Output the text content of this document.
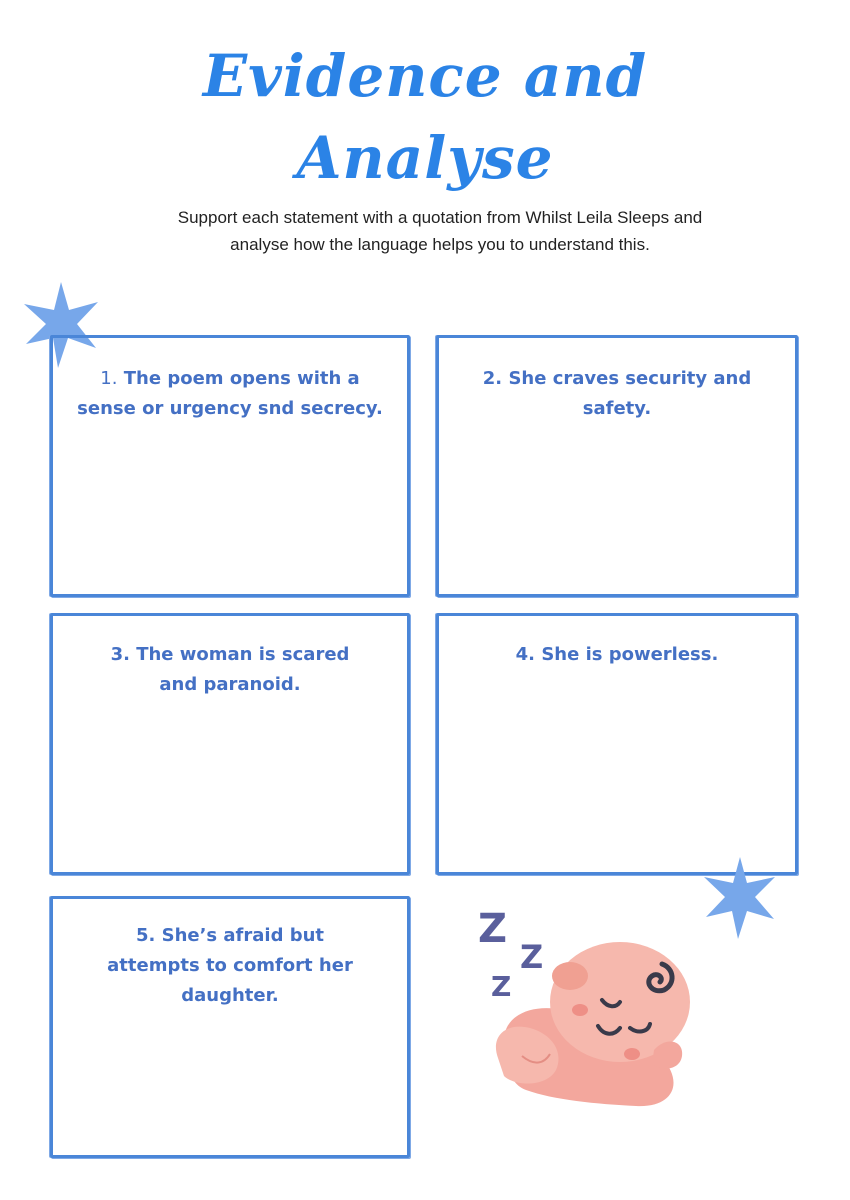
Evidence and
Analyse

Support each statement with a quotation from Whilst Leila Sleeps and analyse how the language helps you to understand this.

1. The poem opens with a sense or urgency snd secrecy.
2. She craves security and safety.
3. The woman is scared and paranoid.
4. She is powerless.
5. She’s afraid but attempts to comfort her daughter.
Z
Z
Z
